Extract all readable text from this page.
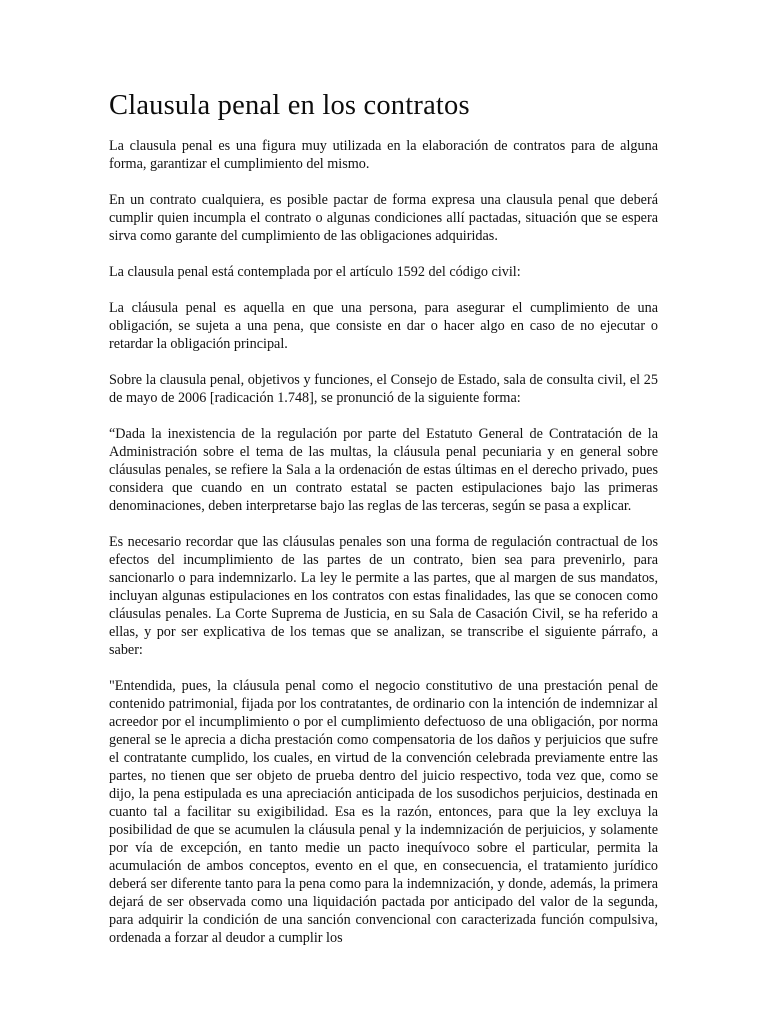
Clausula penal en los contratos

La clausula penal es una figura muy utilizada en la elaboración de contratos para de alguna forma, garantizar el cumplimiento del mismo.

En un contrato cualquiera, es posible pactar de forma expresa una clausula penal que deberá cumplir quien incumpla el contrato o algunas condiciones allí pactadas, situación que se espera sirva como garante del cumplimiento de las obligaciones adquiridas.

La clausula penal está contemplada por el artículo 1592 del código civil:

La cláusula penal es aquella en que una persona, para asegurar el cumplimiento de una obligación, se sujeta a una pena, que consiste en dar o hacer algo en caso de no ejecutar o retardar la obligación principal.

Sobre la clausula penal, objetivos y funciones, el Consejo de Estado, sala de consulta civil, el 25 de mayo de 2006 [radicación 1.748], se pronunció de la siguiente forma:

“Dada la inexistencia de la regulación por parte del Estatuto General de Contratación de la Administración sobre el tema de las multas, la cláusula penal pecuniaria y en general sobre cláusulas penales, se refiere la Sala a la ordenación de estas últimas en el derecho privado, pues considera que cuando en un contrato estatal se pacten estipulaciones bajo las primeras denominaciones, deben interpretarse bajo las reglas de las terceras, según se pasa a explicar.

Es necesario recordar que las cláusulas penales son una forma de regulación contractual de los efectos del incumplimiento de las partes de un contrato, bien sea para prevenirlo, para sancionarlo o para indemnizarlo. La ley le permite a las partes, que al margen de sus mandatos, incluyan algunas estipulaciones en los contratos con estas finalidades, las que se conocen como cláusulas penales. La Corte Suprema de Justicia, en su Sala de Casación Civil, se ha referido a ellas, y por ser explicativa de los temas que se analizan, se transcribe el siguiente párrafo, a saber:

"Entendida, pues, la cláusula penal como el negocio constitutivo de una prestación penal de contenido patrimonial, fijada por los contratantes, de ordinario con la intención de indemnizar al acreedor por el incumplimiento o por el cumplimiento defectuoso de una obligación, por norma general se le aprecia a dicha prestación como compensatoria de los daños y perjuicios que sufre el contratante cumplido, los cuales, en virtud de la convención celebrada previamente entre las partes, no tienen que ser objeto de prueba dentro del juicio respectivo, toda vez que, como se dijo, la pena estipulada es una apreciación anticipada de los susodichos perjuicios, destinada en cuanto tal a facilitar su exigibilidad. Esa es la razón, entonces, para que la ley excluya la posibilidad de que se acumulen la cláusula penal y la indemnización de perjuicios, y solamente por vía de excepción, en tanto medie un pacto inequívoco sobre el particular, permita la acumulación de ambos conceptos, evento en el que, en consecuencia, el tratamiento jurídico deberá ser diferente tanto para la pena como para la indemnización, y donde, además, la primera dejará de ser observada como una liquidación pactada por anticipado del valor de la segunda, para adquirir la condición de una sanción convencional con caracterizada función compulsiva, ordenada a forzar al deudor a cumplir los
